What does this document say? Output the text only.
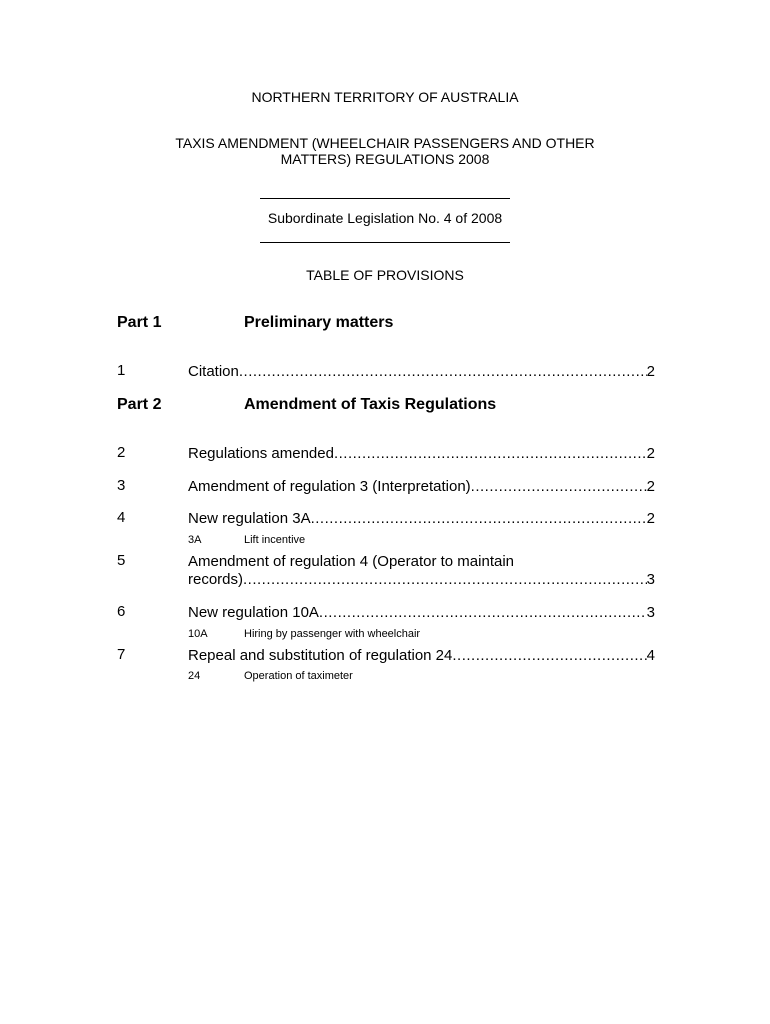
NORTHERN TERRITORY OF AUSTRALIA
TAXIS AMENDMENT (WHEELCHAIR PASSENGERS AND OTHER
MATTERS) REGULATIONS 2008
Subordinate Legislation No. 4 of 2008
TABLE OF PROVISIONS
Part 1	Preliminary matters
1	Citation .....	2
Part 2	Amendment of Taxis Regulations
2	Regulations amended .....	2
3	Amendment of regulation 3 (Interpretation) .....	2
4	New regulation 3A .....	2
3A	Lift incentive
5	Amendment of regulation 4 (Operator to maintain
records) .....	3
6	New regulation 10A .....	3
10A	Hiring by passenger with wheelchair
7	Repeal and substitution of regulation 24 .....	4
24	Operation of taximeter
